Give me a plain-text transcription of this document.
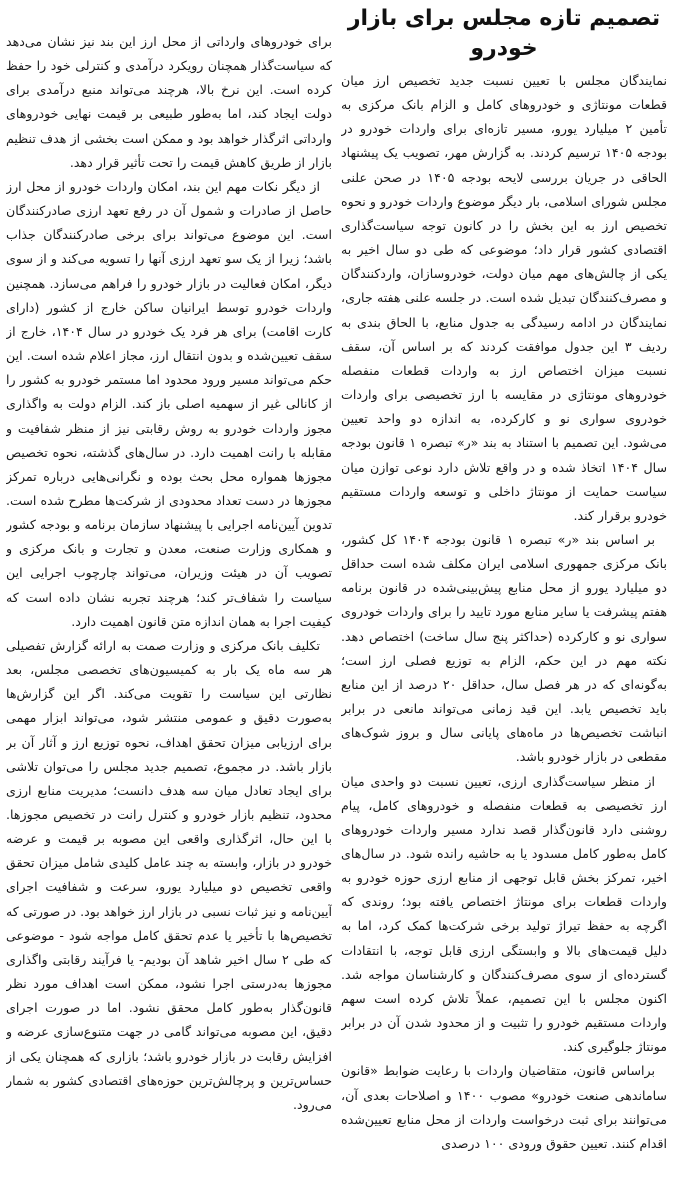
تصمیم تازه مجلس برای بازار خودرو

نمایندگان مجلس با تعیین نسبت جدید تخصیص ارز میان قطعات مونتاژی و خودروهای کامل و الزام بانک مرکزی به تأمین ۲ میلیارد یورو، مسیر تازه‌ای برای واردات خودرو در بودجه ۱۴۰۵ ترسیم کردند. به گزارش مهر، تصویب یک پیشنهاد الحاقی در جریان بررسی لایحه بودجه ۱۴۰۵ در صحن علنی مجلس شورای اسلامی، بار دیگر موضوع واردات خودرو و نحوه تخصیص ارز به این بخش را در کانون توجه سیاست‌گذاری اقتصادی کشور قرار داد؛ موضوعی که طی دو سال اخیر به یکی از چالش‌های مهم میان دولت، خودروسازان، واردکنندگان و مصرف‌کنندگان تبدیل شده است. در جلسه علنی هفته جاری، نمایندگان در ادامه رسیدگی به جدول منابع، با الحاق بندی به ردیف ۳ این جدول موافقت کردند که بر اساس آن، سقف نسبت میزان اختصاص ارز به واردات قطعات منفصله خودروهای مونتاژی در مقایسه با ارز تخصیصی برای واردات خودروی سواری نو و کارکرده، به اندازه دو واحد تعیین می‌شود. این تصمیم با استناد به بند «ر» تبصره ۱ قانون بودجه سال ۱۴۰۴ اتخاذ شده و در واقع تلاش دارد نوعی توازن میان سیاست حمایت از مونتاژ داخلی و توسعه واردات مستقیم خودرو برقرار کند.

بر اساس بند «ر» تبصره ۱ قانون بودجه ۱۴۰۴ کل کشور، بانک مرکزی جمهوری اسلامی ایران مکلف شده است حداقل دو میلیارد یورو از محل منابع پیش‌بینی‌شده در قانون برنامه هفتم پیشرفت یا سایر منابع مورد تایید را برای واردات خودروی سواری نو و کارکرده (حداکثر پنج سال ساخت) اختصاص دهد. نکته مهم در این حکم، الزام به توزیع فصلی ارز است؛ به‌گونه‌ای که در هر فصل سال، حداقل ۲۰ درصد از این منابع باید تخصیص یابد. این قید زمانی می‌تواند مانعی در برابر انباشت تخصیص‌ها در ماه‌های پایانی سال و بروز شوک‌های مقطعی در بازار خودرو باشد.

از منظر سیاست‌گذاری ارزی، تعیین نسبت دو واحدی میان ارز تخصیصی به قطعات منفصله و خودروهای کامل، پیام روشنی دارد قانون‌گذار قصد ندارد مسیر واردات خودروهای کامل به‌طور کامل مسدود یا به حاشیه رانده شود. در سال‌های اخیر، تمرکز بخش قابل توجهی از منابع ارزی حوزه خودرو به واردات قطعات برای مونتاژ اختصاص یافته بود؛ روندی که اگرچه به حفظ تیراژ تولید برخی شرکت‌ها کمک کرد، اما به دلیل قیمت‌های بالا و وابستگی ارزی قابل توجه، با انتقادات گسترده‌ای از سوی مصرف‌کنندگان و کارشناسان مواجه شد. اکنون مجلس با این تصمیم، عملاً تلاش کرده است سهم واردات مستقیم خودرو را تثبیت و از محدود شدن آن در برابر مونتاژ جلوگیری کند.

براساس قانون، متقاضیان واردات با رعایت ضوابط «قانون ساماندهی صنعت خودرو» مصوب ۱۴۰۰ و اصلاحات بعدی آن، می‌توانند برای ثبت درخواست واردات از محل منابع تعیین‌شده اقدام کنند. تعیین حقوق ورودی ۱۰۰ درصدی

برای خودروهای وارداتی از محل ارز این بند نیز نشان می‌دهد که سیاست‌گذار همچنان رویکرد درآمدی و کنترلی خود را حفظ کرده است. این نرخ بالا، هرچند می‌تواند منبع درآمدی برای دولت ایجاد کند، اما به‌طور طبیعی بر قیمت نهایی خودروهای وارداتی اثرگذار خواهد بود و ممکن است بخشی از هدف تنظیم بازار از طریق کاهش قیمت را تحت تأثیر قرار دهد.

از دیگر نکات مهم این بند، امکان واردات خودرو از محل ارز حاصل از صادرات و شمول آن در رفع تعهد ارزی صادرکنندگان است. این موضوع می‌تواند برای برخی صادرکنندگان جذاب باشد؛ زیرا از یک سو تعهد ارزی آنها را تسویه می‌کند و از سوی دیگر، امکان فعالیت در بازار خودرو را فراهم می‌سازد. همچنین واردات خودرو توسط ایرانیان ساکن خارج از کشور (دارای کارت اقامت) برای هر فرد یک خودرو در سال ۱۴۰۴، خارج از سقف تعیین‌شده و بدون انتقال ارز، مجاز اعلام شده است. این حکم می‌تواند مسیر ورود محدود اما مستمر خودرو به کشور را از کانالی غیر از سهمیه اصلی باز کند. الزام دولت به واگذاری مجوز واردات خودرو به روش رقابتی نیز از منظر شفافیت و مقابله با رانت اهمیت دارد. در سال‌های گذشته، نحوه تخصیص مجوزها همواره محل بحث بوده و نگرانی‌هایی درباره تمرکز مجوزها در دست تعداد محدودی از شرکت‌ها مطرح شده است. تدوین آیین‌نامه اجرایی با پیشنهاد سازمان برنامه و بودجه کشور و همکاری وزارت صنعت، معدن و تجارت و بانک مرکزی و تصویب آن در هیئت وزیران، می‌تواند چارچوب اجرایی این سیاست را شفاف‌تر کند؛ هرچند تجربه نشان داده است که کیفیت اجرا به همان اندازه متن قانون اهمیت دارد.

تکلیف بانک مرکزی و وزارت صمت به ارائه گزارش تفصیلی هر سه ماه یک بار به کمیسیون‌های تخصصی مجلس، بعد نظارتی این سیاست را تقویت می‌کند. اگر این گزارش‌ها به‌صورت دقیق و عمومی منتشر شود، می‌تواند ابزار مهمی برای ارزیابی میزان تحقق اهداف، نحوه توزیع ارز و آثار آن بر بازار باشد. در مجموع، تصمیم جدید مجلس را می‌توان تلاشی برای ایجاد تعادل میان سه هدف دانست؛ مدیریت منابع ارزی محدود، تنظیم بازار خودرو و کنترل رانت در تخصیص مجوزها. با این حال، اثرگذاری واقعی این مصوبه بر قیمت و عرضه خودرو در بازار، وابسته به چند عامل کلیدی شامل میزان تحقق واقعی تخصیص دو میلیارد یورو، سرعت و شفافیت اجرای آیین‌نامه و نیز ثبات نسبی در بازار ارز خواهد بود. در صورتی که تخصیص‌ها با تأخیر یا عدم تحقق کامل مواجه شود - موضوعی که طی ۲ سال اخیر شاهد آن بودیم- یا فرآیند رقابتی واگذاری مجوزها به‌درستی اجرا نشود، ممکن است اهداف مورد نظر قانون‌گذار به‌طور کامل محقق نشود. اما در صورت اجرای دقیق، این مصوبه می‌تواند گامی در جهت متنوع‌سازی عرضه و افزایش رقابت در بازار خودرو باشد؛ بازاری که همچنان یکی از حساس‌ترین و پرچالش‌ترین حوزه‌های اقتصادی کشور به شمار می‌رود.
